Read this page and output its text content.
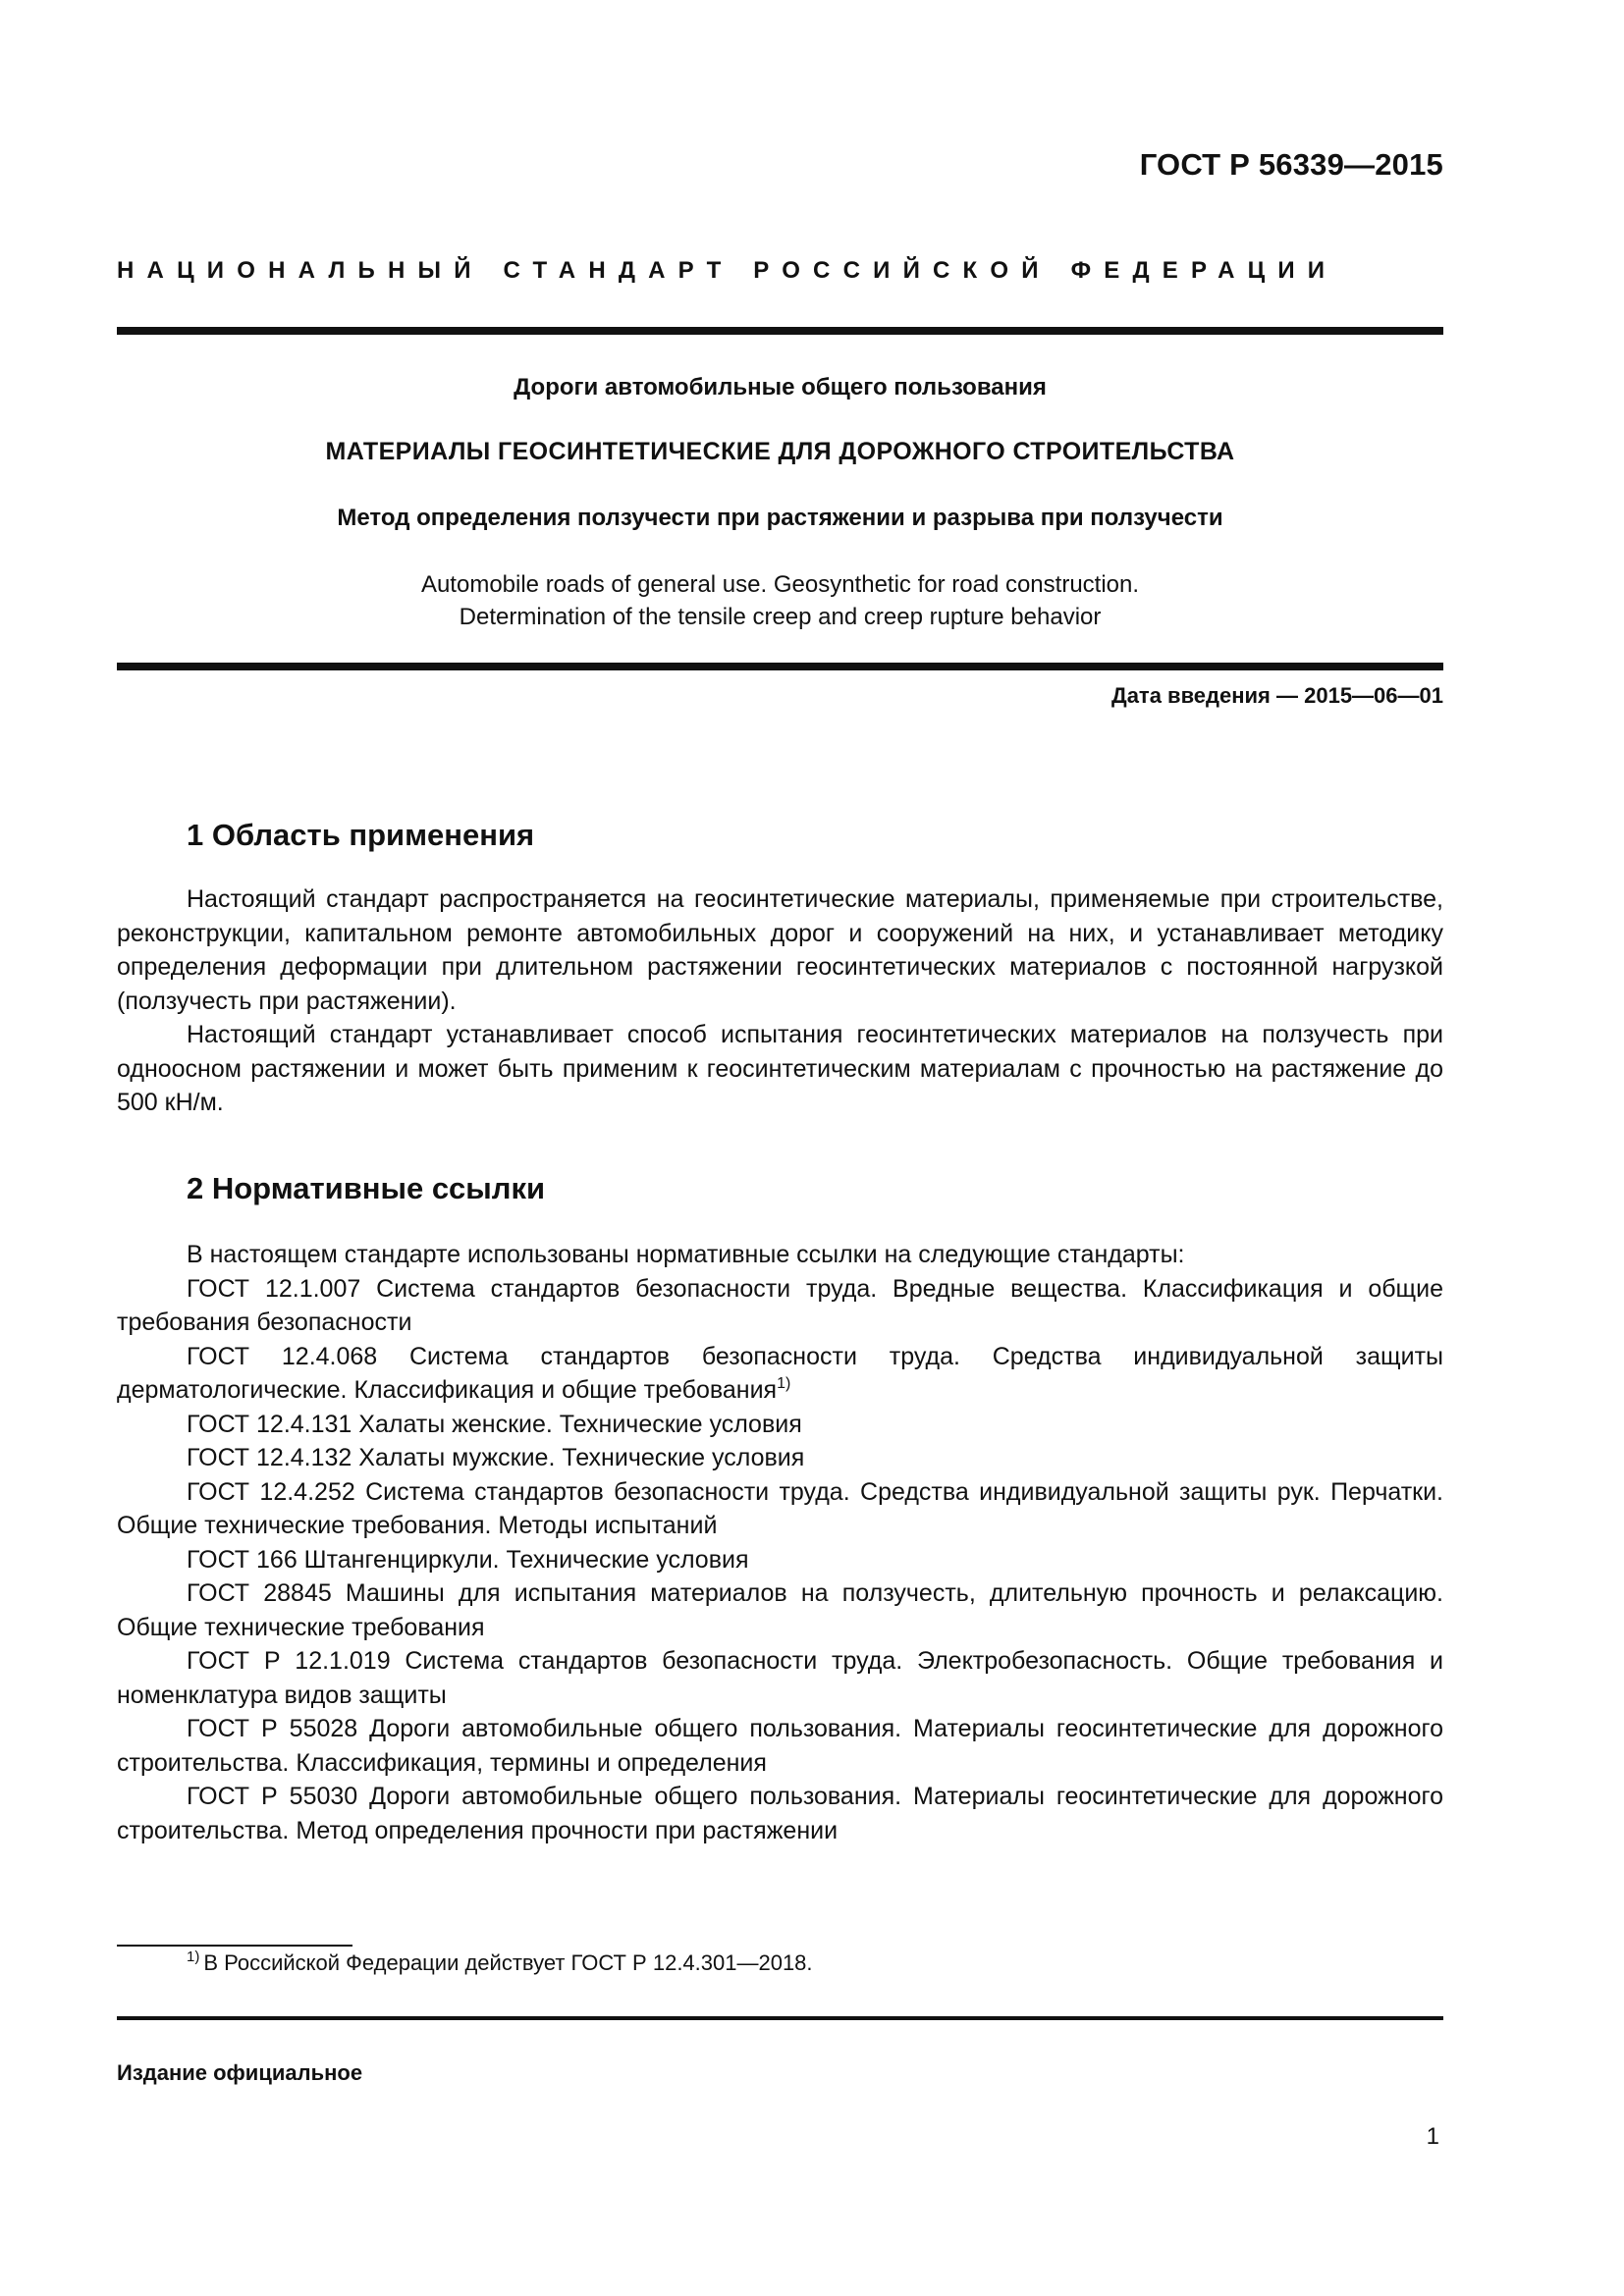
ГОСТ Р 56339—2015
НАЦИОНАЛЬНЫЙ СТАНДАРТ РОССИЙСКОЙ ФЕДЕРАЦИИ
Дороги автомобильные общего пользования
МАТЕРИАЛЫ ГЕОСИНТЕТИЧЕСКИЕ ДЛЯ ДОРОЖНОГО СТРОИТЕЛЬСТВА
Метод определения ползучести при растяжении и разрыва при ползучести
Automobile roads of general use. Geosynthetic for road construction.
Determination of the tensile creep and creep rupture behavior
Дата введения — 2015—06—01
1 Область применения

Настоящий стандарт распространяется на геосинтетические материалы, применяемые при строительстве, реконструкции, капитальном ремонте автомобильных дорог и сооружений на них, и устанавливает методику определения деформации при длительном растяжении геосинтетических материалов с постоянной нагрузкой (ползучесть при растяжении).

Настоящий стандарт устанавливает способ испытания геосинтетических материалов на ползучесть при одноосном растяжении и может быть применим к геосинтетическим материалам с прочностью на растяжение до 500 кН/м.

2 Нормативные ссылки

В настоящем стандарте использованы нормативные ссылки на следующие стандарты:

ГОСТ 12.1.007 Система стандартов безопасности труда. Вредные вещества. Классификация и общие требования безопасности

ГОСТ 12.4.068 Система стандартов безопасности труда. Средства индивидуальной защиты дерматологические. Классификация и общие требования$^{1)}$

ГОСТ 12.4.131 Халаты женские. Технические условия

ГОСТ 12.4.132 Халаты мужские. Технические условия

ГОСТ 12.4.252 Система стандартов безопасности труда. Средства индивидуальной защиты рук. Перчатки. Общие технические требования. Методы испытаний

ГОСТ 166 Штангенциркули. Технические условия

ГОСТ 28845 Машины для испытания материалов на ползучесть, длительную прочность и релаксацию. Общие технические требования

ГОСТ Р 12.1.019 Система стандартов безопасности труда. Электробезопасность. Общие требования и номенклатура видов защиты

ГОСТ Р 55028 Дороги автомобильные общего пользования. Материалы геосинтетические для дорожного строительства. Классификация, термины и определения

ГОСТ Р 55030 Дороги автомобильные общего пользования. Материалы геосинтетические для дорожного строительства. Метод определения прочности при растяжении

$^{1)}$ В Российской Федерации действует ГОСТ Р 12.4.301—2018.
Издание официальное
1
